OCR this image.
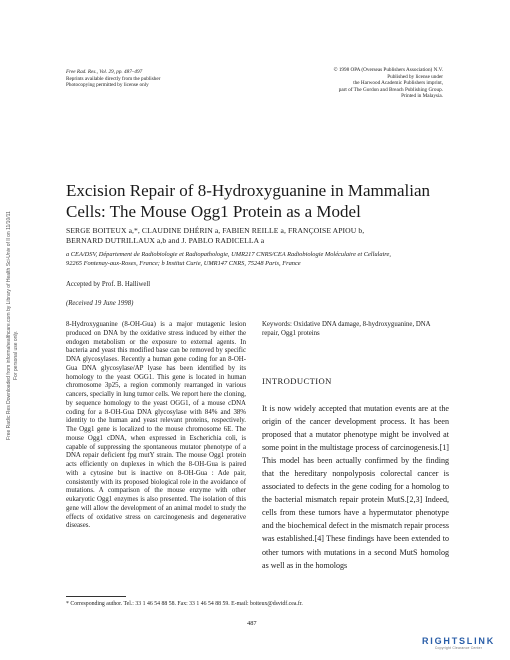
Free Radic Res Downloaded from informahealthcare.com by Library of Health Sci-Univ of Il on 11/10/11 For personal use only.
Free Rad. Res., Vol. 29, pp. 487–497
Reprints available directly from the publisher
Photocopying permitted by license only
© 1998 OPA (Overseas Publishers Association) N.V.
Published by license under
the Harwood Academic Publishers imprint,
part of The Gordon and Breach Publishing Group.
Printed in Malaysia.
Excision Repair of 8-Hydroxyguanine in Mammalian
Cells: The Mouse Ogg1 Protein as a Model
SERGE BOITEUX a,*, CLAUDINE DHÉRIN a, FABIEN REILLE a, FRANÇOISE APIOU b,
BERNARD DUTRILLAUX a,b and J. PABLO RADICELLA a
a CEA/DSV, Département de Radiobiologie et Radiopathologie, UMR217 CNRS/CEA Radiobiologie Moléculaire et Cellulaire,
92265 Fontenay-aux-Roses, France; b Institut Curie, UMR147 CNRS, 75248 Paris, France
Accepted by Prof. B. Halliwell
(Received 19 June 1998)

8-Hydroxyguanine (8-OH-Gua) is a major mutagenic lesion produced on DNA by the oxidative stress induced by either the endogen metabolism or the exposure to external agents. In bacteria and yeast this modified base can be removed by specific DNA glycosylases. Recently a human gene coding for an 8-OH-Gua DNA glycosylase/AP lyase has been identified by its homology to the yeast OGG1. This gene is located in human chromosome 3p25, a region commonly rearranged in various cancers, specially in lung tumor cells. We report here the cloning, by sequence homology to the yeast OGG1, of a mouse cDNA coding for a 8-OH-Gua DNA glycosylase with 84% and 38% identity to the human and yeast relevant proteins, respectively. The Ogg1 gene is localized to the mouse chromosome 6E. The mouse Ogg1 cDNA, when expressed in Escherichia coli, is capable of suppressing the spontaneous mutator phenotype of a DNA repair deficient fpg mutY strain. The mouse Ogg1 protein acts efficiently on duplexes in which the 8-OH-Gua is paired with a cytosine but is inactive on 8-OH-Gua : Ade pair, consistently with its proposed biological role in the avoidance of mutations. A comparison of the mouse enzyme with other eukaryotic Ogg1 enzymes is also presented. The isolation of this gene will allow the development of an animal model to study the effects of oxidative stress on carcinogenesis and degenerative diseases.

Keywords: Oxidative DNA damage, 8-hydroxyguanine, DNA repair, Ogg1 proteins
INTRODUCTION

It is now widely accepted that mutation events are at the origin of the cancer development process. It has been proposed that a mutator phenotype might be involved at some point in the multistage process of carcinogenesis.[1] This model has been actually confirmed by the finding that the hereditary nonpolyposis colorectal cancer is associated to defects in the gene coding for a homolog to the bacterial mismatch repair protein MutS.[2,3] Indeed, cells from these tumors have a hypermutator phenotype and the biochemical defect in the mismatch repair process was established.[4] These findings have been extended to other tumors with mutations in a second MutS homolog as well as in the homologs

* Corresponding author. Tel.: 33 1 46 54 88 58. Fax: 33 1 46 54 88 59. E-mail: boiteux@dsvidf.cea.fr.
487
RIGHTSLINK
Copyright Clearance Center
